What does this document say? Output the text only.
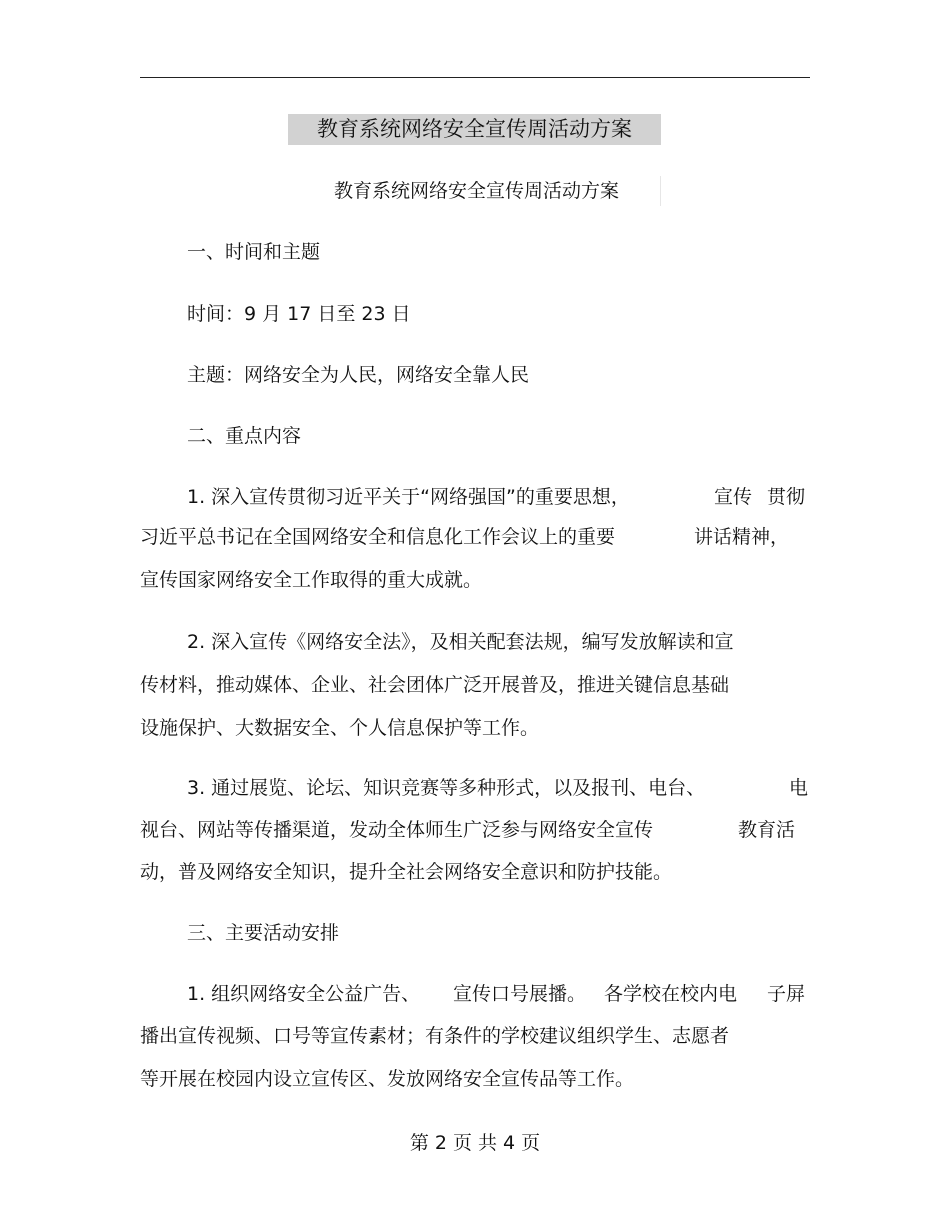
教育系统网络安全宣传周活动方案
教育系统网络安全宣传周活动方案
一、时间和主题
时间：9 月 17 日至 23 日
主题：网络安全为人民，网络安全靠人民
二、重点内容
1. 深入宣传贯彻习近平关于“网络强国”的重要思想，	宣传 贯彻
习近平总书记在全国网络安全和信息化工作会议上的重要	讲话精神，
宣传国家网络安全工作取得的重大成就。
2. 深入宣传《网络安全法》，及相关配套法规，编写发放解读和宣
传材料，推动媒体、企业、社会团体广泛开展普及，推进关键信息基础
设施保护、大数据安全、个人信息保护等工作。
3. 通过展览、论坛、知识竞赛等多种形式，以及报刊、电台、	电
视台、网站等传播渠道，发动全体师生广泛参与网络安全宣传	教育活
动，普及网络安全知识，提升全社会网络安全意识和防护技能。
三、主要活动安排
1. 组织网络安全公益广告、 宣传口号展播。 各学校在校内电 子屏
播出宣传视频、口号等宣传素材；有条件的学校建议组织学生、志愿者
等开展在校园内设立宣传区、发放网络安全宣传品等工作。
第 2 页 共 4 页
